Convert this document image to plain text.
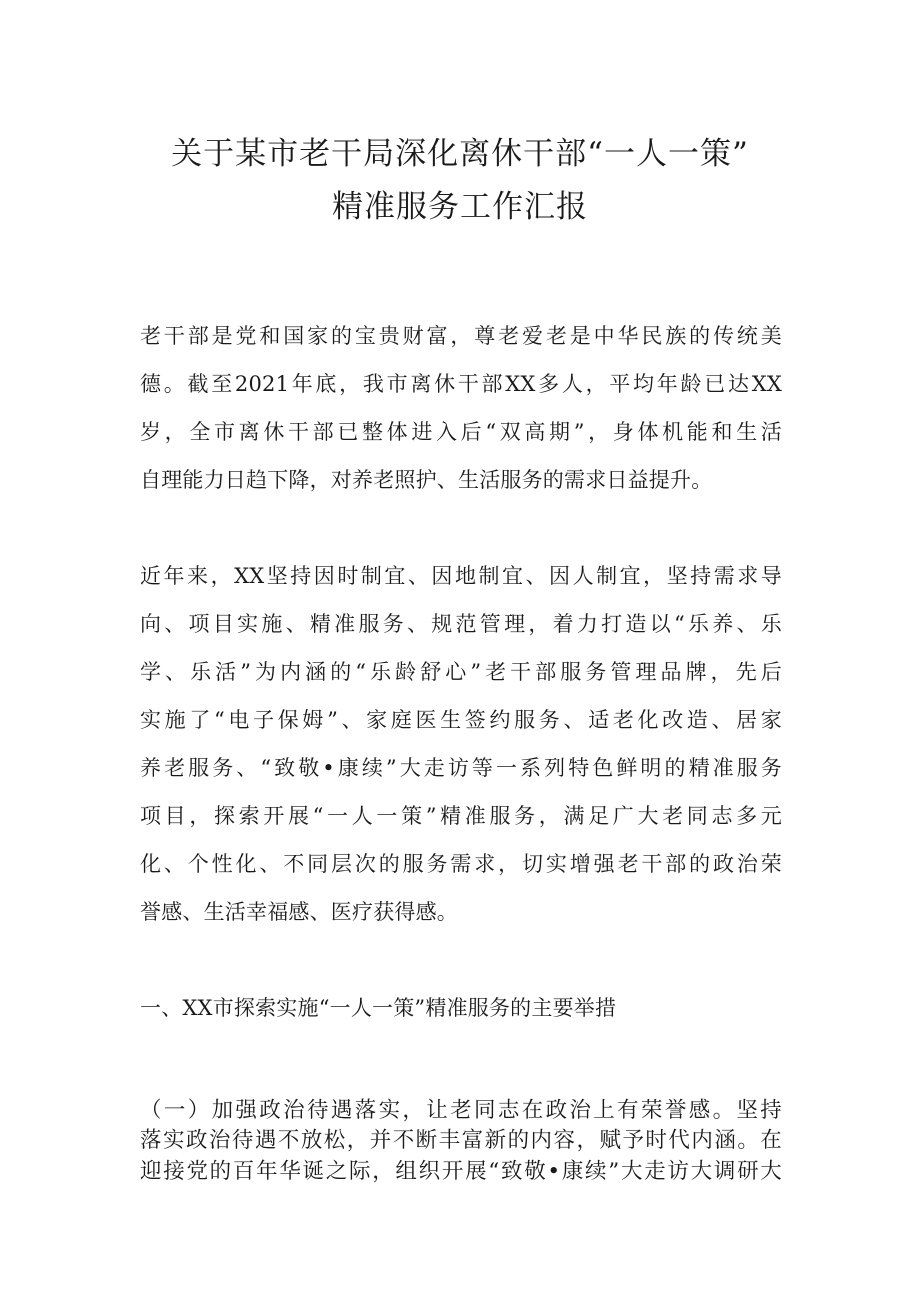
关于某市老干局深化离休干部“一人一策”
精准服务工作汇报
老干部是党和国家的宝贵财富，尊老爱老是中华民族的传统美
德。截至2021年底，我市离休干部XX多人，平均年龄已达XX
岁，全市离休干部已整体进入后“双高期”，身体机能和生活
自理能力日趋下降，对养老照护、生活服务的需求日益提升。
近年来，XX坚持因时制宜、因地制宜、因人制宜，坚持需求导
向、项目实施、精准服务、规范管理，着力打造以“乐养、乐
学、乐活”为内涵的“乐龄舒心”老干部服务管理品牌，先后
实施了“电子保姆”、家庭医生签约服务、适老化改造、居家
养老服务、“致敬•康续”大走访等一系列特色鲜明的精准服务
项目，探索开展“一人一策”精准服务，满足广大老同志多元
化、个性化、不同层次的服务需求，切实增强老干部的政治荣
誉感、生活幸福感、医疗获得感。
一、XX市探索实施“一人一策”精准服务的主要举措
（一）加强政治待遇落实，让老同志在政治上有荣誉感。坚持
落实政治待遇不放松，并不断丰富新的内容，赋予时代内涵。在
迎接党的百年华诞之际，组织开展“致敬•康续”大走访大调研大
